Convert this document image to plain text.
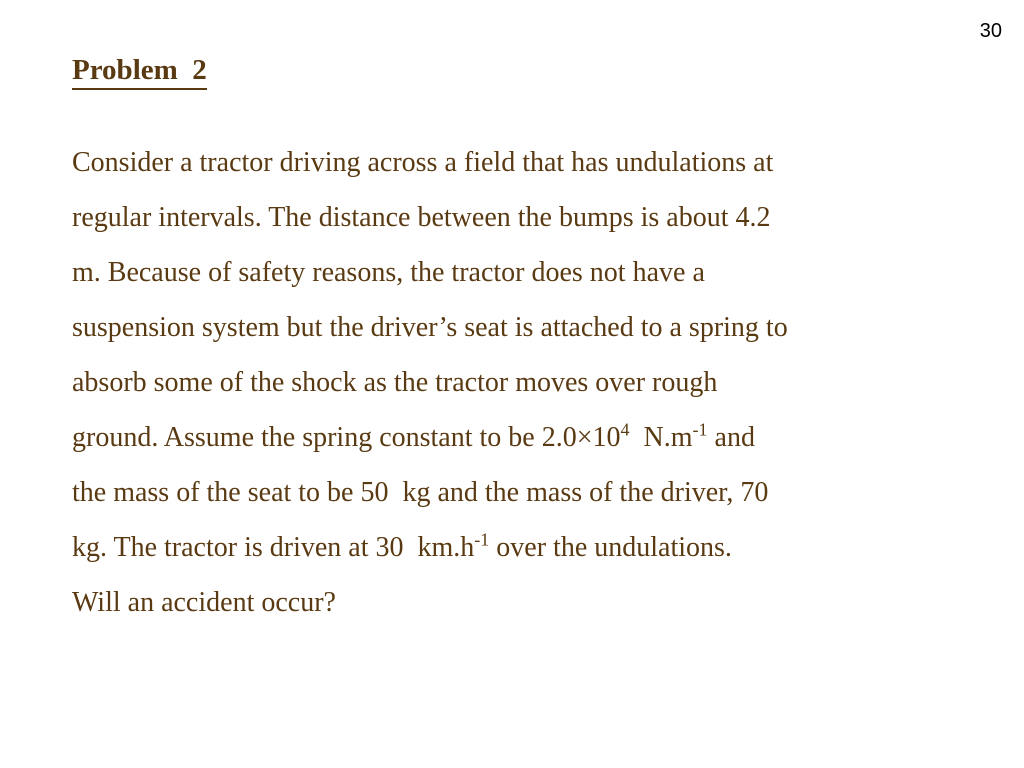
30
Problem  2
Consider a tractor driving across a field that has undulations at
regular intervals. The distance between the bumps is about 4.2
m. Because of safety reasons, the tractor does not have a
suspension system but the driver’s seat is attached to a spring to
absorb some of the shock as the tractor moves over rough
ground. Assume the spring constant to be $2.0\times 10^4$  $N.m^{-1}$ and
the mass of the seat to be 50  kg and the mass of the driver, 70
kg. The tractor is driven at 30  $km.h^{-1}$ over the undulations.
Will an accident occur?
